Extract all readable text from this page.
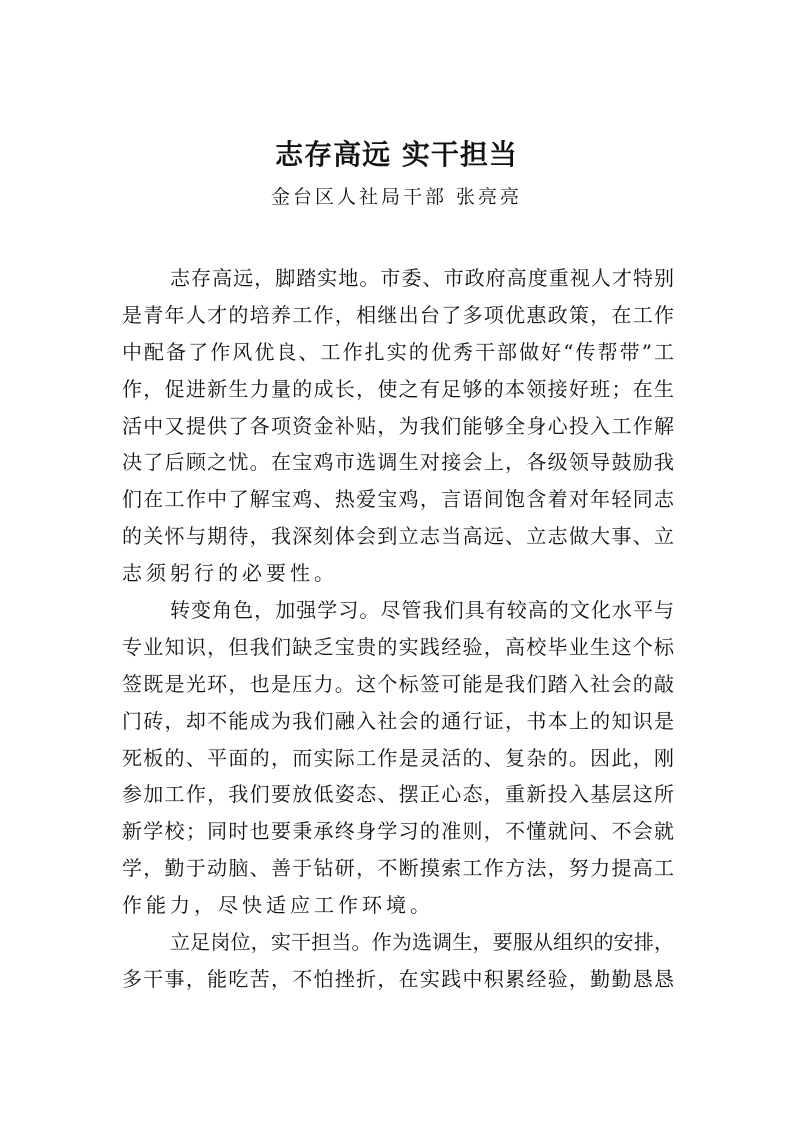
志存高远 实干担当
金台区人社局干部 张亮亮
志存高远，脚踏实地。市委、市政府高度重视人才特别
是青年人才的培养工作，相继出台了多项优惠政策，在工作
中配备了作风优良、工作扎实的优秀干部做好“传帮带”工
作，促进新生力量的成长，使之有足够的本领接好班；在生
活中又提供了各项资金补贴，为我们能够全身心投入工作解
决了后顾之忧。在宝鸡市选调生对接会上，各级领导鼓励我
们在工作中了解宝鸡、热爱宝鸡，言语间饱含着对年轻同志
的关怀与期待，我深刻体会到立志当高远、立志做大事、立
志须躬行的必要性。
转变角色，加强学习。尽管我们具有较高的文化水平与
专业知识，但我们缺乏宝贵的实践经验，高校毕业生这个标
签既是光环，也是压力。这个标签可能是我们踏入社会的敲
门砖，却不能成为我们融入社会的通行证，书本上的知识是
死板的、平面的，而实际工作是灵活的、复杂的。因此，刚
参加工作，我们要放低姿态、摆正心态，重新投入基层这所
新学校；同时也要秉承终身学习的准则，不懂就问、不会就
学，勤于动脑、善于钻研，不断摸索工作方法，努力提高工
作能力，尽快适应工作环境。
立足岗位，实干担当。作为选调生，要服从组织的安排，
多干事，能吃苦，不怕挫折，在实践中积累经验，勤勤恳恳
